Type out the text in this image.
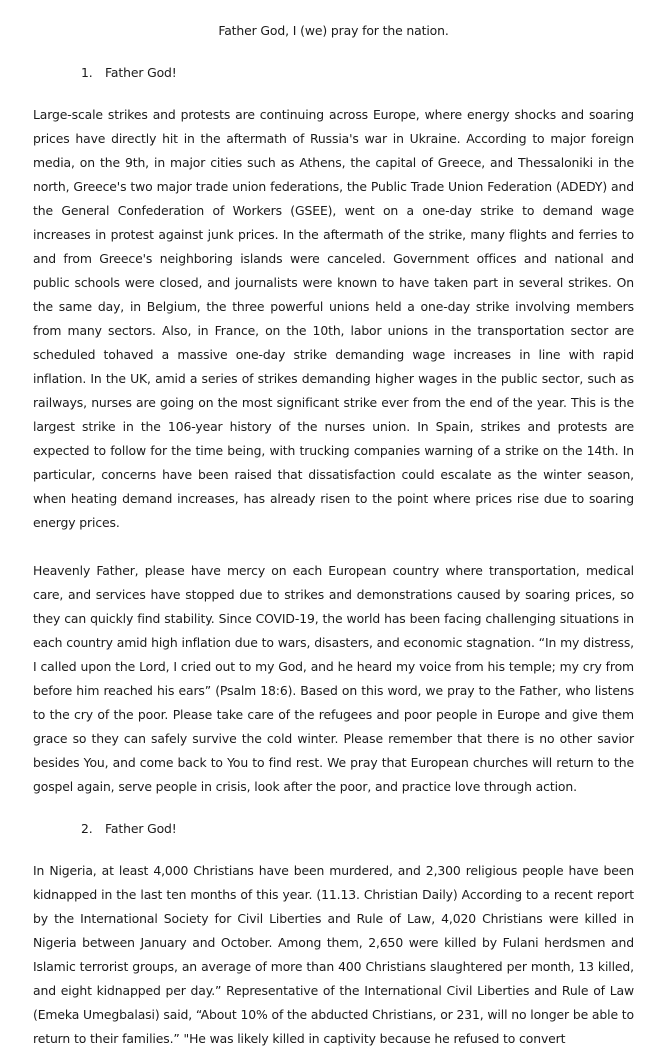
Father God, I (we) pray for the nation.

1. Father God!

Large-scale strikes and protests are continuing across Europe, where energy shocks and soaring prices have directly hit in the aftermath of Russia's war in Ukraine. According to major foreign media, on the 9th, in major cities such as Athens, the capital of Greece, and Thessaloniki in the north, Greece's two major trade union federations, the Public Trade Union Federation (ADEDY) and the General Confederation of Workers (GSEE), went on a one-day strike to demand wage increases in protest against junk prices. In the aftermath of the strike, many flights and ferries to and from Greece's neighboring islands were canceled. Government offices and national and public schools were closed, and journalists were known to have taken part in several strikes. On the same day, in Belgium, the three powerful unions held a one-day strike involving members from many sectors. Also, in France, on the 10th, labor unions in the transportation sector are scheduled tohaved a massive one-day strike demanding wage increases in line with rapid inflation. In the UK, amid a series of strikes demanding higher wages in the public sector, such as railways, nurses are going on the most significant strike ever from the end of the year. This is the largest strike in the 106-year history of the nurses union. In Spain, strikes and protests are expected to follow for the time being, with trucking companies warning of a strike on the 14th. In particular, concerns have been raised that dissatisfaction could escalate as the winter season, when heating demand increases, has already risen to the point where prices rise due to soaring energy prices.

Heavenly Father, please have mercy on each European country where transportation, medical care, and services have stopped due to strikes and demonstrations caused by soaring prices, so they can quickly find stability. Since COVID-19, the world has been facing challenging situations in each country amid high inflation due to wars, disasters, and economic stagnation. “In my distress, I called upon the Lord, I cried out to my God, and he heard my voice from his temple; my cry from before him reached his ears” (Psalm 18:6). Based on this word, we pray to the Father, who listens to the cry of the poor. Please take care of the refugees and poor people in Europe and give them grace so they can safely survive the cold winter. Please remember that there is no other savior besides You, and come back to You to find rest. We pray that European churches will return to the gospel again, serve people in crisis, look after the poor, and practice love through action.

2. Father God!

In Nigeria, at least 4,000 Christians have been murdered, and 2,300 religious people have been kidnapped in the last ten months of this year. (11.13. Christian Daily) According to a recent report by the International Society for Civil Liberties and Rule of Law, 4,020 Christians were killed in Nigeria between January and October. Among them, 2,650 were killed by Fulani herdsmen and Islamic terrorist groups, an average of more than 400 Christians slaughtered per month, 13 killed, and eight kidnapped per day.” Representative of the International Civil Liberties and Rule of Law (Emeka Umegbalasi) said, “About 10% of the abducted Christians, or 231, will no longer be able to return to their families.” "He was likely killed in captivity because he refused to convert
